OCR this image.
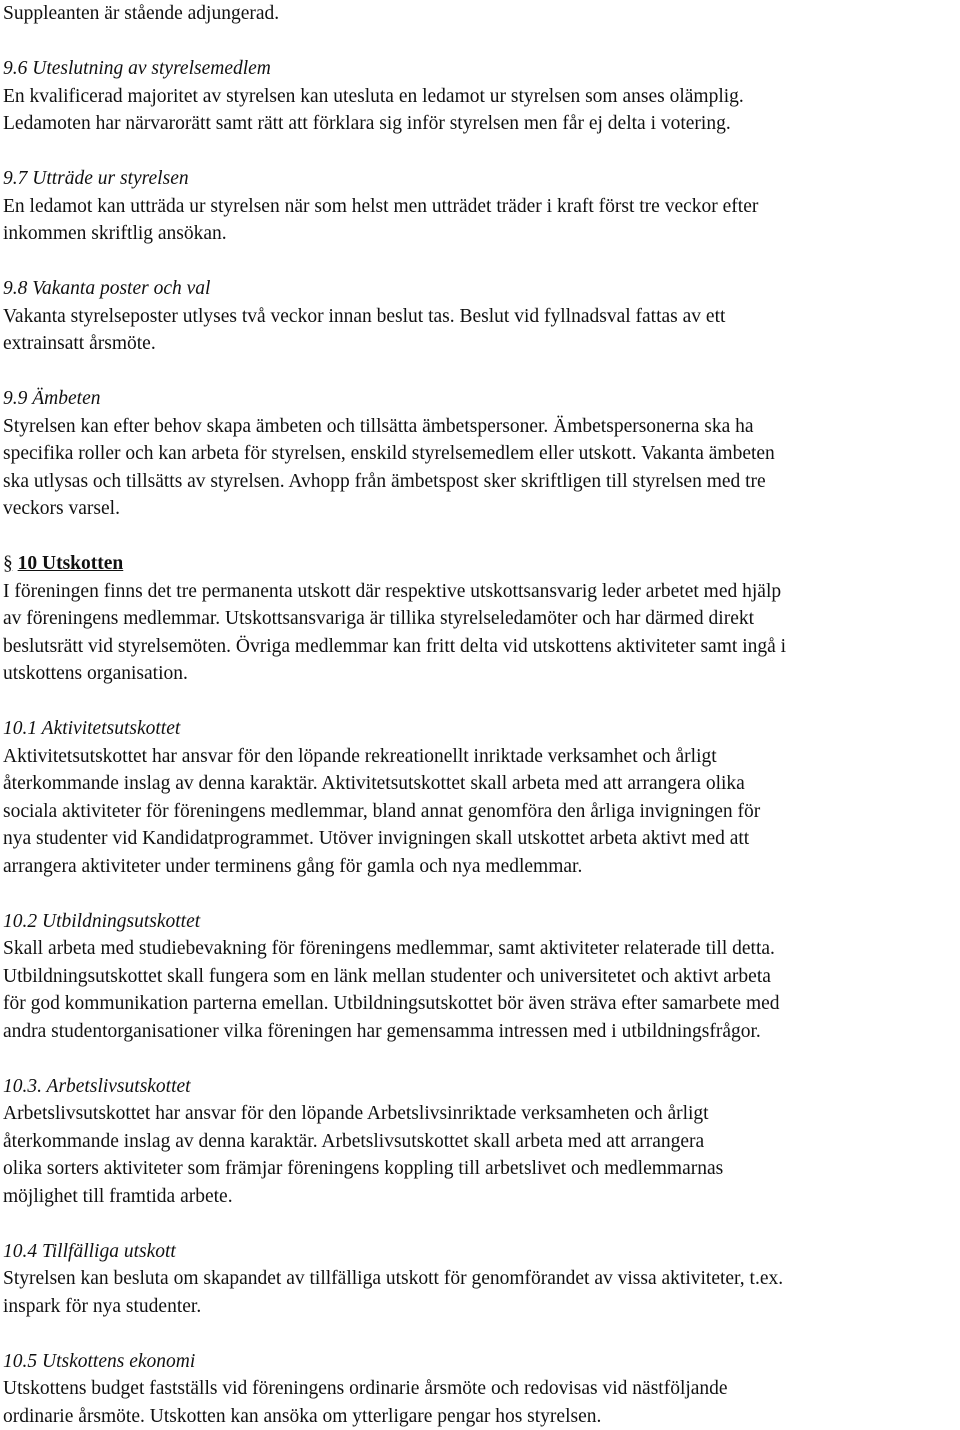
Suppleanten är stående adjungerad.
9.6 Uteslutning av styrelsemedlem
En kvalificerad majoritet av styrelsen kan utesluta en ledamot ur styrelsen som anses olämplig.
Ledamoten har närvarorätt samt rätt att förklara sig inför styrelsen men får ej delta i votering.
9.7 Utträde ur styrelsen
En ledamot kan utträda ur styrelsen när som helst men utträdet träder i kraft först tre veckor efter
inkommen skriftlig ansökan.
9.8 Vakanta poster och val
Vakanta styrelseposter utlyses två veckor innan beslut tas. Beslut vid fyllnadsval fattas av ett
extrainsatt årsmöte.
9.9 Ämbeten
Styrelsen kan efter behov skapa ämbeten och tillsätta ämbetspersoner. Ämbetspersonerna ska ha
specifika roller och kan arbeta för styrelsen, enskild styrelsemedlem eller utskott. Vakanta ämbeten
ska utlysas och tillsätts av styrelsen. Avhopp från ämbetspost sker skriftligen till styrelsen med tre
veckors varsel.
§ 10 Utskotten
I föreningen finns det tre permanenta utskott där respektive utskottsansvarig leder arbetet med hjälp
av föreningens medlemmar. Utskottsansvariga är tillika styrelseledamöter och har därmed direkt
beslutsrätt vid styrelsemöten. Övriga medlemmar kan fritt delta vid utskottens aktiviteter samt ingå i
utskottens organisation.
10.1 Aktivitetsutskottet
Aktivitetsutskottet har ansvar för den löpande rekreationellt inriktade verksamhet och årligt
återkommande inslag av denna karaktär. Aktivitetsutskottet skall arbeta med att arrangera olika
sociala aktiviteter för föreningens medlemmar, bland annat genomföra den årliga invigningen för
nya studenter vid Kandidatprogrammet. Utöver invigningen skall utskottet arbeta aktivt med att
arrangera aktiviteter under terminens gång för gamla och nya medlemmar.
10.2 Utbildningsutskottet
Skall arbeta med studiebevakning för föreningens medlemmar, samt aktiviteter relaterade till detta.
Utbildningsutskottet skall fungera som en länk mellan studenter och universitetet och aktivt arbeta
för god kommunikation parterna emellan. Utbildningsutskottet bör även sträva efter samarbete med
andra studentorganisationer vilka föreningen har gemensamma intressen med i utbildningsfrågor.
10.3. Arbetslivsutskottet
Arbetslivsutskottet har ansvar för den löpande Arbetslivsinriktade verksamheten och årligt
återkommande inslag av denna karaktär. Arbetslivsutskottet skall arbeta med att arrangera
olika sorters aktiviteter som främjar föreningens koppling till arbetslivet och medlemmarnas
möjlighet till framtida arbete.
10.4 Tillfälliga utskott
Styrelsen kan besluta om skapandet av tillfälliga utskott för genomförandet av vissa aktiviteter, t.ex.
inspark för nya studenter.
10.5 Utskottens ekonomi
Utskottens budget fastställs vid föreningens ordinarie årsmöte och redovisas vid nästföljande
ordinarie årsmöte. Utskotten kan ansöka om ytterligare pengar hos styrelsen.
